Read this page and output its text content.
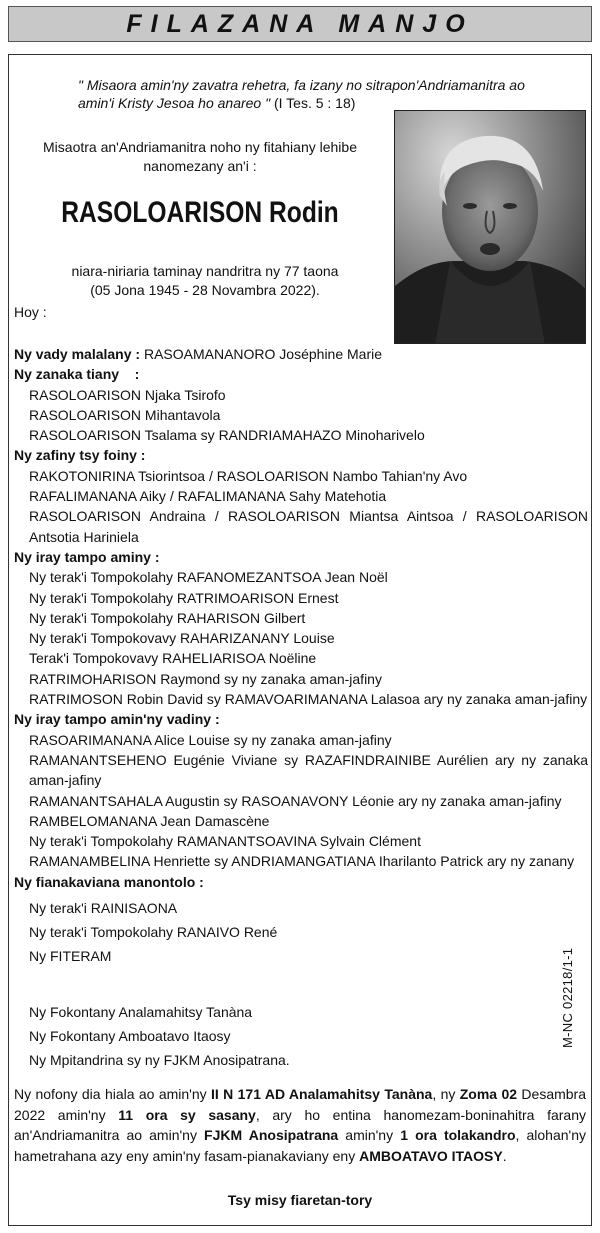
FILAZANA MANJO
" Misaora amin'ny zavatra rehetra, fa izany no sitrapon'Andriamanitra ao amin'i Kristy Jesoa ho anareo " (I Tes. 5 : 18)
Misaotra an'Andriamanitra noho ny fitahiany lehibe
nanomezany an'i :
RASOLOARISON Rodin
niara-niriaria taminay nandritra ny 77 taona
(05 Jona 1945 - 28 Novambra 2022).
Hoy :
Ny vady malalany : RASOAMANANORO Joséphine Marie
Ny zanaka tiany    :
RASOLOARISON Njaka Tsirofo
RASOLOARISON Mihantavola
RASOLOARISON Tsalama sy RANDRIAMAHAZO Minoharivelo
Ny zafiny tsy foiny :
RAKOTONIRINA Tsiorintsoa / RASOLOARISON Nambo Tahian'ny Avo
RAFALIMANANA Aiky / RAFALIMANANA Sahy Matehotia
RASOLOARISON Andraina / RASOLOARISON Miantsa Aintsoa / RASOLOARISON Antsotia Hariniela
Ny iray tampo aminy :
Ny terak'i Tompokolahy RAFANOMEZANTSOA Jean Noël
Ny terak'i Tompokolahy RATRIMOARISON Ernest
Ny terak'i Tompokolahy RAHARISON Gilbert
Ny terak'i Tompokovavy RAHARIZANANY Louise
Terak'i Tompokovavy RAHELIARISOA Noëline
RATRIMOHARISON Raymond sy ny zanaka aman-jafiny
RATRIMOSON Robin David sy RAMAVOARIMANANA Lalasoa ary ny zanaka aman-jafiny
Ny iray tampo amin'ny vadiny :
RASOARIMANANA Alice Louise sy ny zanaka aman-jafiny
RAMANANTSEHENO Eugénie Viviane sy RAZAFINDRAINIBE Aurélien ary ny zanaka aman-jafiny
RAMANANTSAHALA Augustin sy RASOANAVONY Léonie ary ny zanaka aman-jafiny
RAMBELOMANANA Jean Damascène
Ny terak'i Tompokolahy RAMANANTSOAVINA Sylvain Clément
RAMANAMBELINA Henriette sy ANDRIAMANGATIANA Iharilanto Patrick ary ny zanany
Ny fianakaviana manontolo :
Ny terak'i RAINISAONA
Ny terak'i Tompokolahy RANAIVO René
Ny FITERAM
Ny Fokontany Analamahitsy Tanàna
Ny Fokontany Amboatavo Itaosy
Ny Mpitandrina sy ny FJKM Anosipatrana.
M-NC 02218/1-1
Ny nofony dia hiala ao amin'ny II N 171 AD Analamahitsy Tanàna, ny Zoma 02 Desambra 2022 amin'ny 11 ora sy sasany, ary ho entina hanomezam-boninahitra farany an'Andriamanitra ao amin'ny FJKM Anosipatrana amin'ny 1 ora tolakandro, alohan'ny hametrahana azy eny amin'ny fasam-pianakaviany eny AMBOATAVO ITAOSY.
Tsy misy fiaretan-tory
